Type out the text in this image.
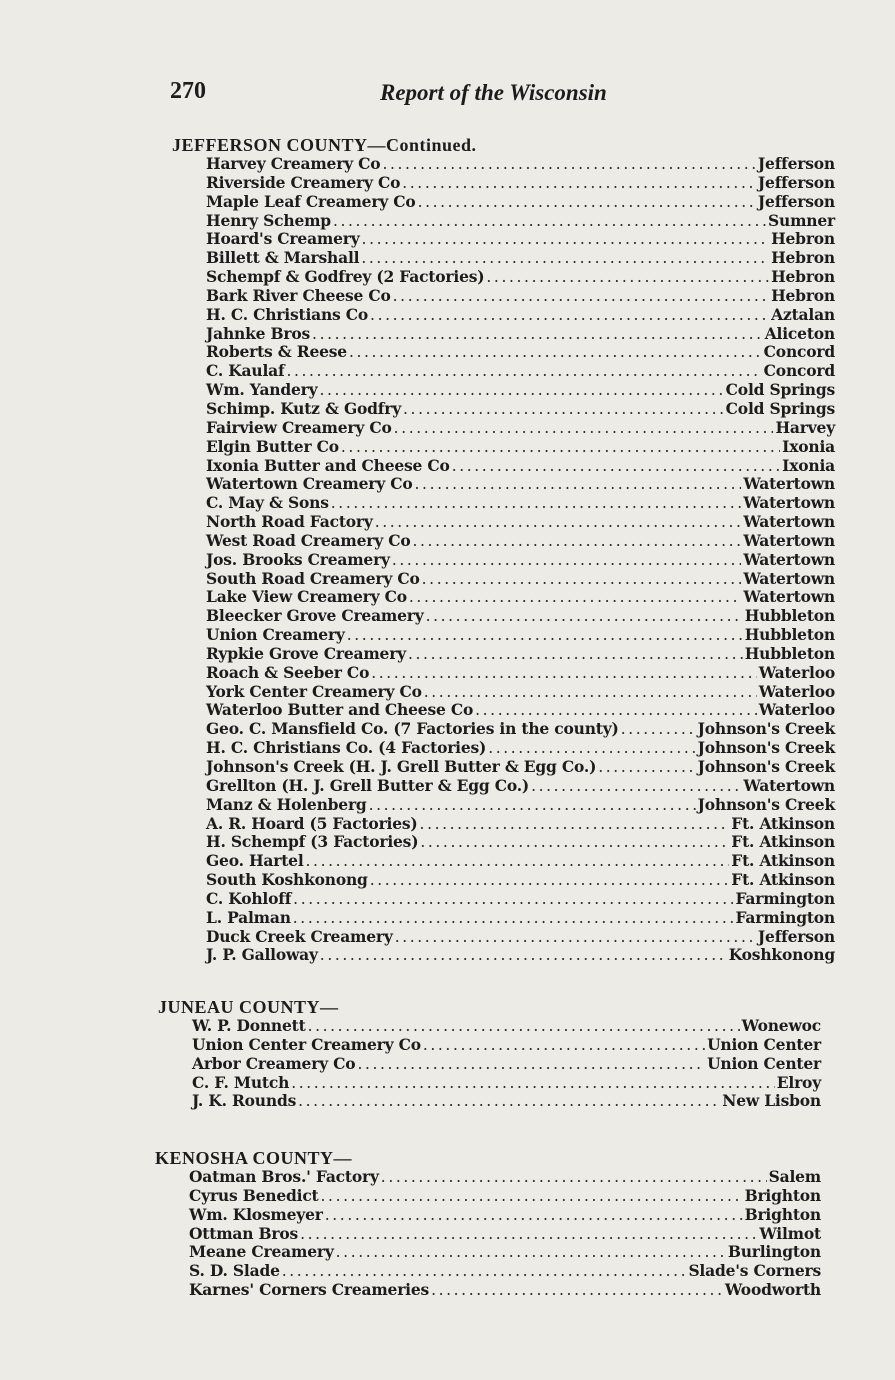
270	Report of the Wisconsin
JEFFERSON COUNTY—Continued.
Harvey Creamery Co .....	Jefferson
Riverside Creamery Co .....	Jefferson
Maple Leaf Creamery Co .....	Jefferson
Henry Schemp .....	Sumner
Hoard's Creamery .....	Hebron
Billett & Marshall .....	Hebron
Schempf & Godfrey (2 Factories) .....	Hebron
Bark River Cheese Co .....	Hebron
H. C. Christians Co .....	Aztalan
Jahnke Bros .....	Aliceton
Roberts & Reese .....	Concord
C. Kaulaf .....	Concord
Wm. Yandery .....	Cold Springs
Schimp. Kutz & Godfry .....	Cold Springs
Fairview Creamery Co .....	Harvey
Elgin Butter Co .....	Ixonia
Ixonia Butter and Cheese Co .....	Ixonia
Watertown Creamery Co .....	Watertown
C. May & Sons .....	Watertown
North Road Factory .....	Watertown
West Road Creamery Co .....	Watertown
Jos. Brooks Creamery .....	Watertown
South Road Creamery Co .....	Watertown
Lake View Creamery Co .....	Watertown
Bleecker Grove Creamery .....	Hubbleton
Union Creamery .....	Hubbleton
Rypkie Grove Creamery .....	Hubbleton
Roach & Seeber Co .....	Waterloo
York Center Creamery Co .....	Waterloo
Waterloo Butter and Cheese Co .....	Waterloo
Geo. C. Mansfield Co. (7 Factories in the county) .....	Johnson's Creek
H. C. Christians Co. (4 Factories) .....	Johnson's Creek
Johnson's Creek (H. J. Grell Butter & Egg Co.) .....	Johnson's Creek
Grellton (H. J. Grell Butter & Egg Co.) .....	Watertown
Manz & Holenberg .....	Johnson's Creek
A. R. Hoard (5 Factories) .....	Ft. Atkinson
H. Schempf (3 Factories) .....	Ft. Atkinson
Geo. Hartel .....	Ft. Atkinson
South Koshkonong .....	Ft. Atkinson
C. Kohloff .....	Farmington
L. Palman .....	Farmington
Duck Creek Creamery .....	Jefferson
J. P. Galloway .....	Koshkonong
JUNEAU COUNTY—
W. P. Donnett .....	Wonewoc
Union Center Creamery Co .....	Union Center
Arbor Creamery Co .....	Union Center
C. F. Mutch .....	Elroy
J. K. Rounds .....	New Lisbon
KENOSHA COUNTY—
Oatman Bros.' Factory .....	Salem
Cyrus Benedict .....	Brighton
Wm. Klosmeyer .....	Brighton
Ottman Bros .....	Wilmot
Meane Creamery .....	Burlington
S. D. Slade .....	Slade's Corners
Karnes' Corners Creameries .....	Woodworth
